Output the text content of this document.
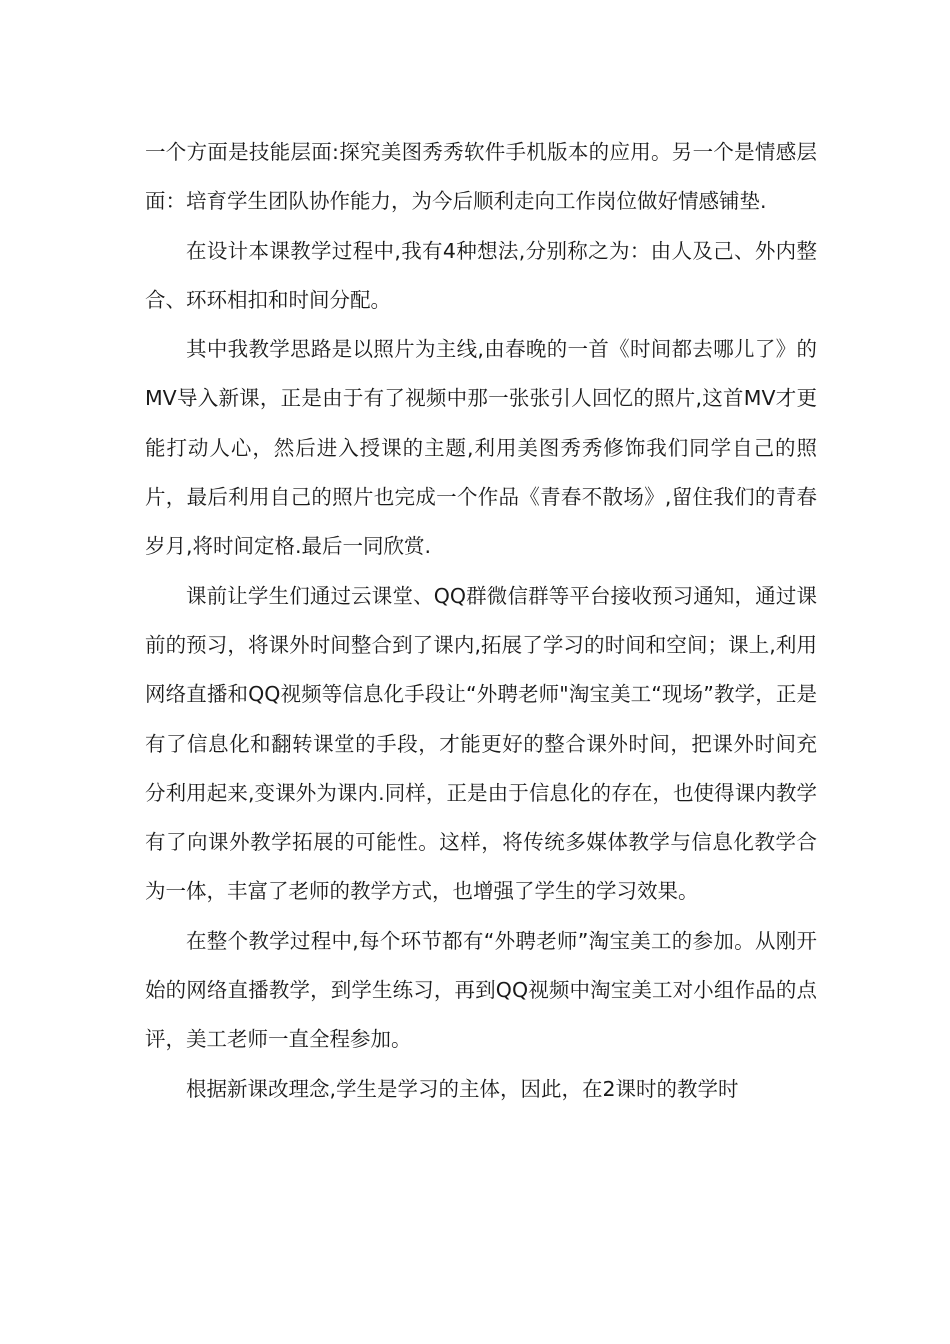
一个方面是技能层面:探究美图秀秀软件手机版本的应用。另一个是情感层面：培育学生团队协作能力，为今后顺利走向工作岗位做好情感铺垫.

在设计本课教学过程中,我有4种想法,分别称之为：由人及己、外内整合、环环相扣和时间分配。

其中我教学思路是以照片为主线,由春晚的一首《时间都去哪儿了》的MV导入新课，正是由于有了视频中那一张张引人回忆的照片,这首MV才更能打动人心，然后进入授课的主题,利用美图秀秀修饰我们同学自己的照片，最后利用自己的照片也完成一个作品《青春不散场》,留住我们的青春岁月,将时间定格.最后一同欣赏.

课前让学生们通过云课堂、QQ群微信群等平台接收预习通知，通过课前的预习，将课外时间整合到了课内,拓展了学习的时间和空间；课上,利用网络直播和QQ视频等信息化手段让“外聘老师"淘宝美工“现场”教学，正是有了信息化和翻转课堂的手段，才能更好的整合课外时间，把课外时间充分利用起来,变课外为课内.同样，正是由于信息化的存在，也使得课内教学有了向课外教学拓展的可能性。这样，将传统多媒体教学与信息化教学合为一体，丰富了老师的教学方式，也增强了学生的学习效果。

在整个教学过程中,每个环节都有“外聘老师”淘宝美工的参加。从刚开始的网络直播教学，到学生练习，再到QQ视频中淘宝美工对小组作品的点评，美工老师一直全程参加。

根据新课改理念,学生是学习的主体，因此，在2课时的教学时
